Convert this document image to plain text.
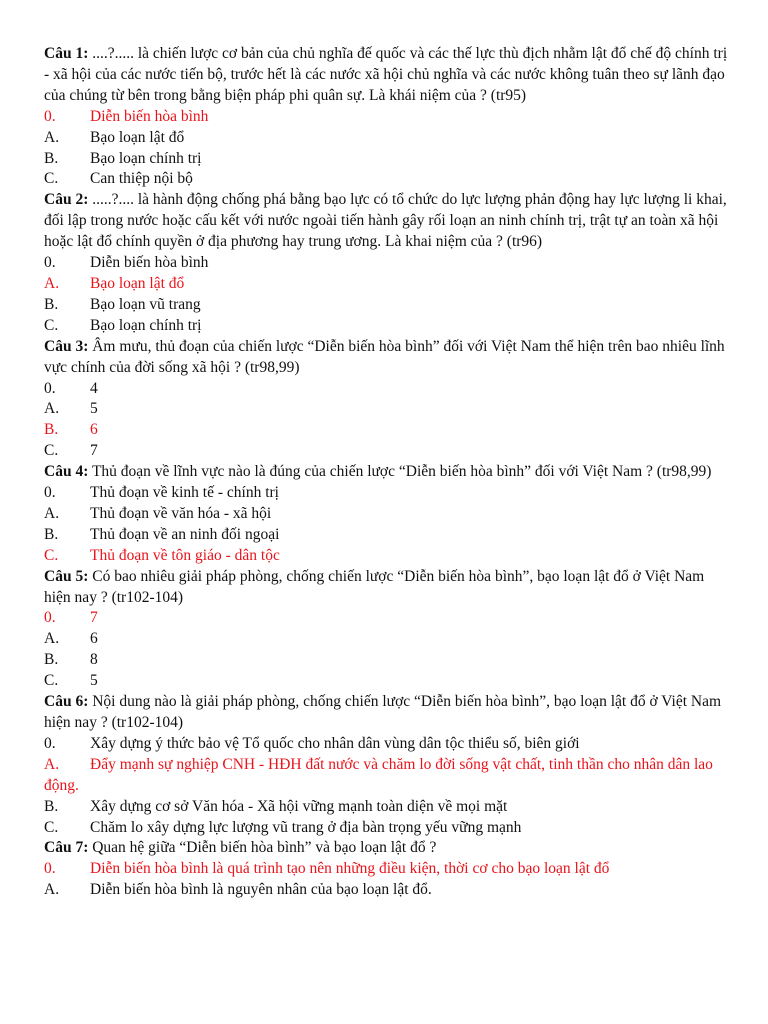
Câu 1: ....?..... là chiến lược cơ bản của chủ nghĩa đế quốc và các thế lực thù địch nhằm lật đổ chế độ chính trị - xã hội của các nước tiến bộ, trước hết là các nước xã hội chủ nghĩa và các nước không tuân theo sự lãnh đạo của chúng từ bên trong bằng biện pháp phi quân sự. Là khái niệm của ? (tr95)

0.	Diễn biến hòa bình
A.	Bạo loạn lật đổ
B.	Bạo loạn chính trị
C.	Can thiệp nội bộ

Câu 2: .....?.... là hành động chống phá bằng bạo lực có tổ chức do lực lượng phản động hay lực lượng li khai, đối lập trong nước hoặc cấu kết với nước ngoài tiến hành gây rối loạn an ninh chính trị, trật tự an toàn xã hội hoặc lật đổ chính quyền ở địa phương hay trung ương. Là khai niệm của ? (tr96)

0.	Diễn biến hòa bình
A.	Bạo loạn lật đổ
B.	Bạo loạn vũ trang
C.	Bạo loạn chính trị

Câu 3: Âm mưu, thủ đoạn của chiến lược “Diễn biến hòa bình” đối với Việt Nam thể hiện trên bao nhiêu lĩnh vực chính của đời sống xã hội ? (tr98,99)

0.	4
A.	5
B.	6
C.	7

Câu 4: Thủ đoạn về lĩnh vực nào là đúng của chiến lược “Diễn biến hòa bình” đối với Việt Nam ? (tr98,99)

0.	Thủ đoạn về kinh tế - chính trị
A.	Thủ đoạn về văn hóa - xã hội
B.	Thủ đoạn về an ninh đối ngoại
C.	Thủ đoạn về tôn giáo - dân tộc

Câu 5: Có bao nhiêu giải pháp phòng, chống chiến lược “Diễn biến hòa bình”, bạo loạn lật đổ ở Việt Nam hiện nay ? (tr102-104)

0.	7
A.	6
B.	8
C.	5

Câu 6: Nội dung nào là giải pháp phòng, chống chiến lược “Diễn biến hòa bình”, bạo loạn lật đổ ở Việt Nam hiện nay ? (tr102-104)

0.	Xây dựng ý thức bảo vệ Tổ quốc cho nhân dân vùng dân tộc thiểu số, biên giới
A. Đẩy mạnh sự nghiệp CNH - HĐH đất nước và chăm lo đời sống vật chất, tinh thần cho nhân dân lao động.
B.	Xây dựng cơ sở Văn hóa - Xã hội vững mạnh toàn diện về mọi mặt
C.	Chăm lo xây dựng lực lượng vũ trang ở địa bàn trọng yếu vững mạnh

Câu 7: Quan hệ giữa “Diễn biến hòa bình” và bạo loạn lật đổ ?

0.	Diễn biến hòa bình là quá trình tạo nên những điều kiện, thời cơ cho bạo loạn lật đổ
A.	Diễn biến hòa bình là nguyên nhân của bạo loạn lật đổ.
